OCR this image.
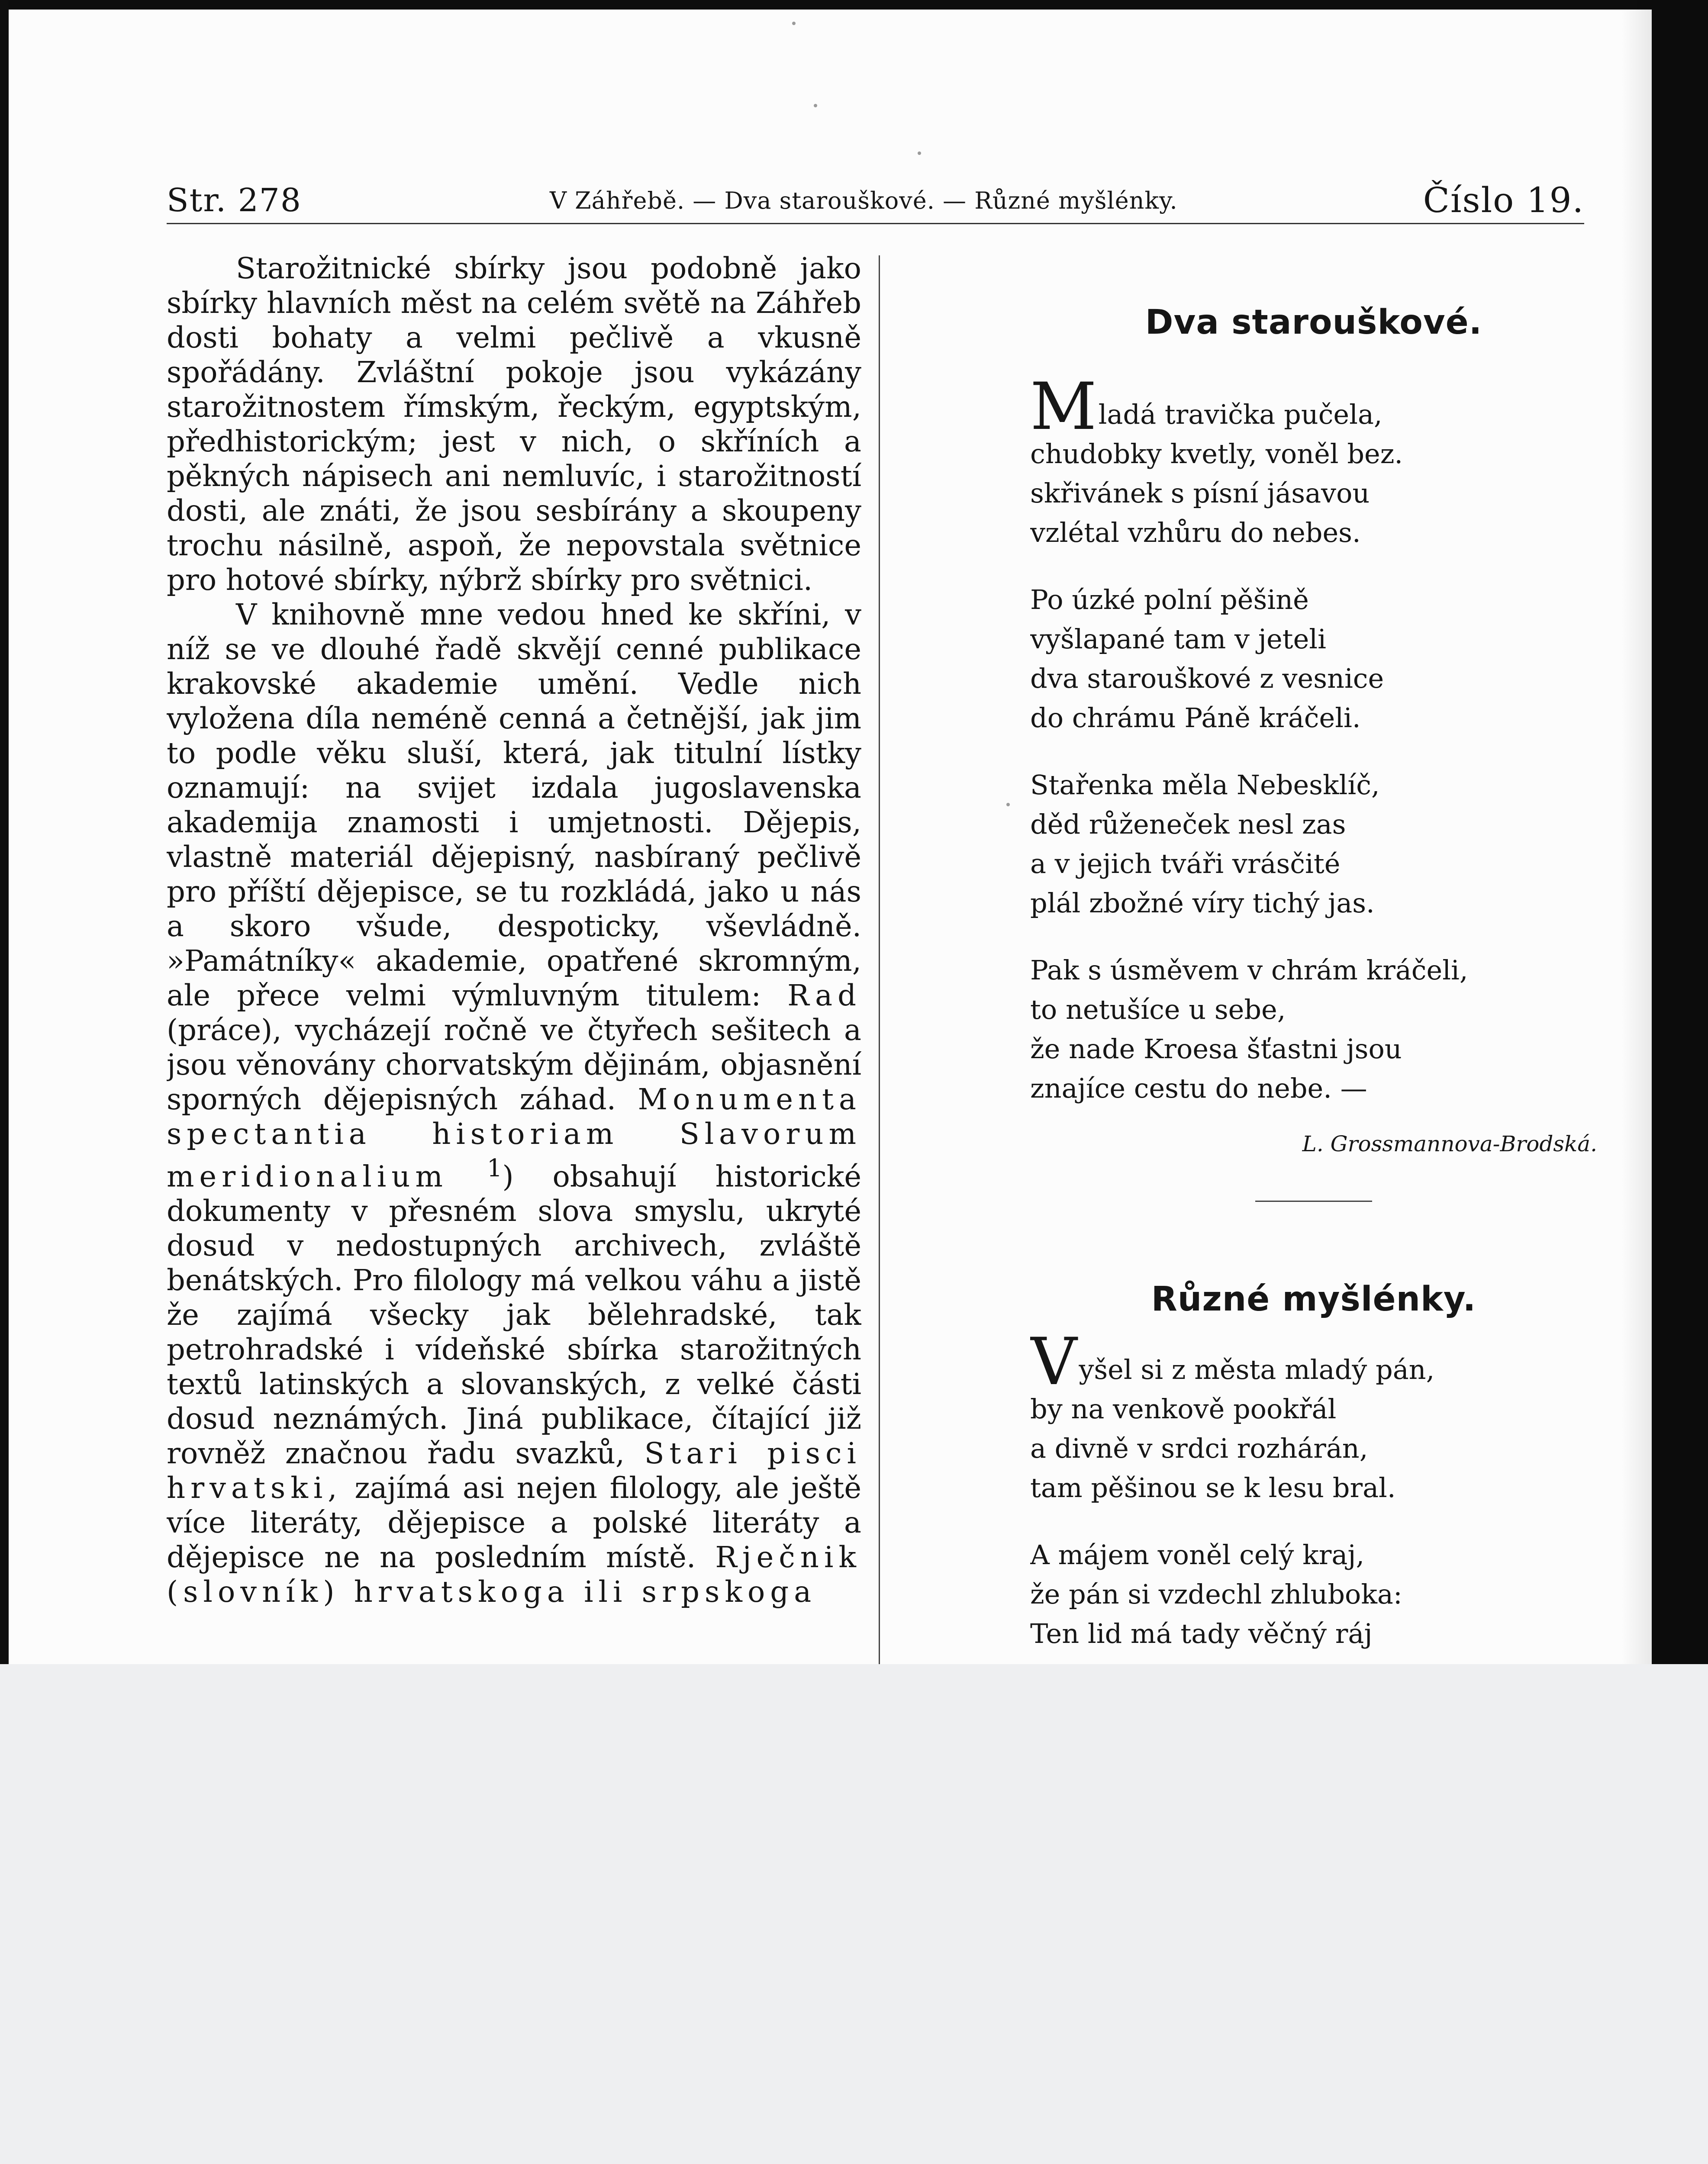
Str. 278	V Záhřebě. — Dva starouškové. — Různé myšlénky.	Číslo 19.

Starožitnické sbírky jsou podobně jako sbírky hlavních měst na celém světě na Záhřeb dosti bohaty a velmi pečlivě a vkusně spořádány. Zvláštní pokoje jsou vykázány starožitnostem římským, řeckým, egyptským, předhistorickým; jest v nich, o skříních a pěkných nápisech ani nemluvíc, i starožitností dosti, ale znáti, že jsou sesbírány a skoupeny trochu násilně, aspoň, že nepovstala světnice pro hotové sbírky, nýbrž sbírky pro světnici.

V knihovně mne vedou hned ke skříni, v níž se ve dlouhé řadě skvějí cenné publikace krakovské akademie umění. Vedle nich vyložena díla neméně cenná a četnější, jak jim to podle věku sluší, která, jak titulní lístky oznamují: na svijet izdala jugoslavenska akademija znamosti i umjetnosti. Dějepis, vlastně materiál dějepisný, nasbíraný pečlivě pro příští dějepisce, se tu rozkládá, jako u nás a skoro všude, despoticky, vševládně. »Památníky« akademie, opatřené skromným, ale přece velmi výmluvným titulem: Rad (práce), vycházejí ročně ve čtyřech sešitech a jsou věnovány chorvatským dějinám, objasnění sporných dějepisných záhad. Monumenta spectantia historiam Slavorum meridionalium $^1$) obsahují historické dokumenty v přesném slova smyslu, ukryté dosud v nedostupných archivech, zvláště benátských. Pro filology má velkou váhu a jistě že zajímá všecky jak bělehradské, tak petrohradské i vídeňské sbírka starožitných textů latinských a slovanských, z velké části dosud neznámých. Jiná publikace, čítající již rovněž značnou řadu svazků, Stari pisci hrvatski, zajímá asi nejen filology, ale ještě více literáty, dějepisce a polské literáty a dějepisce ne na posledním místě. Rječnik (slovník) hrvatskoga ili srpskoga

Dva starouškové.
Mladá travička pučela,
chudobky kvetly, voněl bez.
skřivánek s písní jásavou
vzlétal vzhůru do nebes.
Po úzké polní pěšině
vyšlapané tam v jeteli
dva starouškové z vesnice
do chrámu Páně kráčeli.
Stařenka měla Nebesklíč,
děd růženeček nesl zas
a v jejich tváři vrásčité
plál zbožné víry tichý jas.
Pak s úsměvem v chrám kráčeli,
to netušíce u sebe,
že nade Kroesa šťastni jsou
znajíce cestu do nebe. —

L. Grossmannova-Brodská.

Různé myšlénky.
Vyšel si z města mladý pán,
by na venkově pookřál
a divně v srdci rozhárán,
tam pěšinou se k lesu bral.
A májem voněl celý kraj,
že pán si vzdechl zhluboka:
Ten lid má tady věčný ráj
